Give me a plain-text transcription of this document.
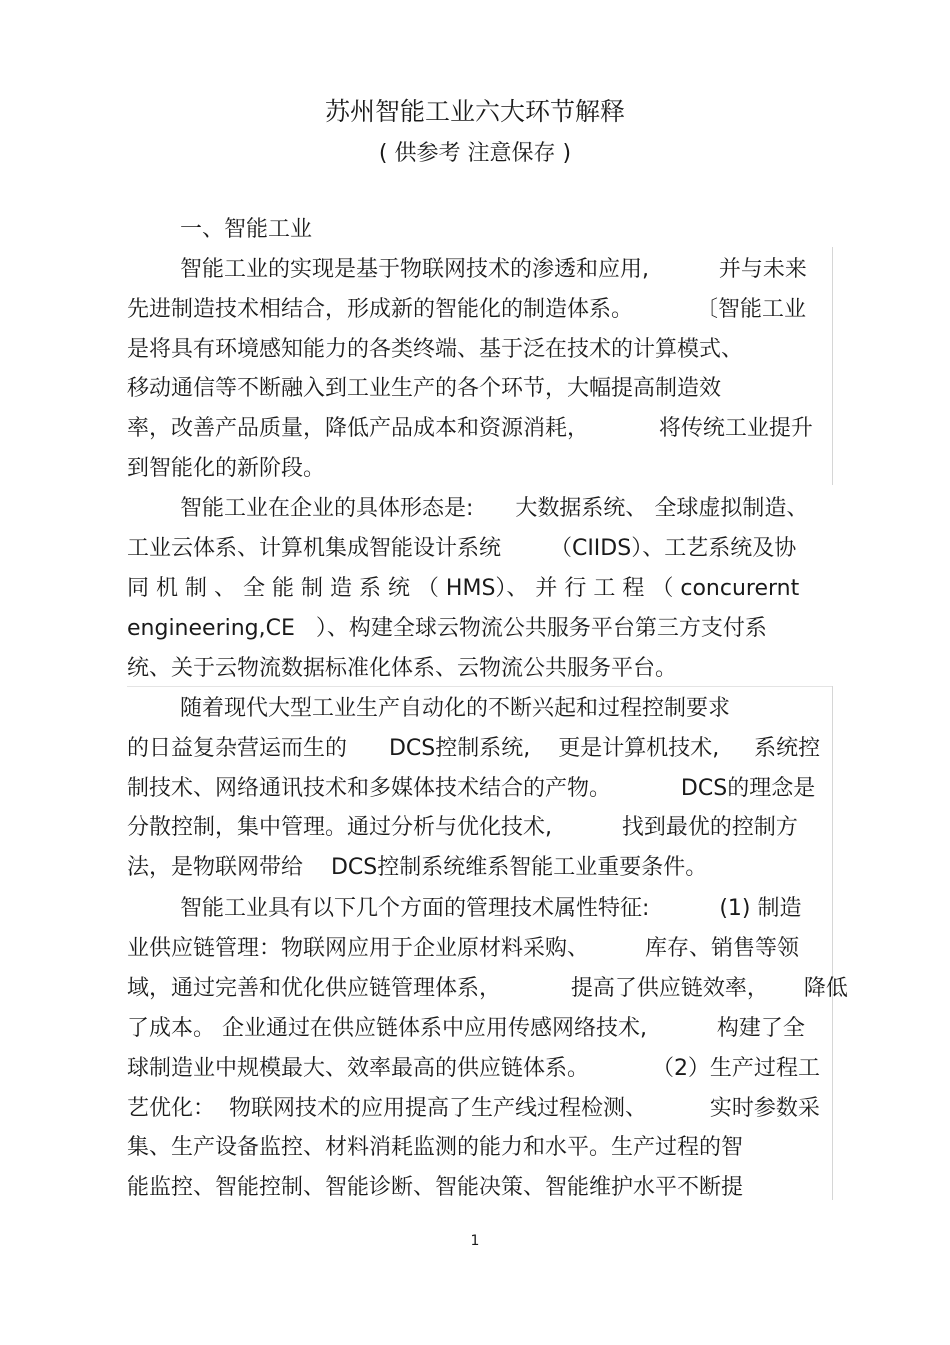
苏州智能工业六大环节解释
( 供参考 注意保存 )
一、智能工业
智能工业的实现是基于物联网技术的渗透和应用,          并与未来
先进制造技术相结合，形成新的智能化的制造体系。         〔智能工业
是将具有环境感知能力的各类终端、基于泛在技术的计算模式、
移动通信等不断融入到工业生产的各个环节，大幅提高制造效
率，改善产品质量，降低产品成本和资源消耗，          将传统工业提升
到智能化的新阶段。
智能工业在企业的具体形态是:      大数据系统、 全球虚拟制造、
工业云体系、计算机集成智能设计系统       （CIIDS）、工艺系统及协
同 机 制 、 全 能 制 造 系 统 （ HMS）、 并 行 工 程 （ concurernt
engineering,CE   ）、构建全球云物流公共服务平台第三方支付系
统、关于云物流数据标准化体系、云物流公共服务平台。
随着现代大型工业生产自动化的不断兴起和过程控制要求
的日益复杂营运而生的      DCS控制系统,    更是计算机技术,     系统控
制技术、网络通讯技术和多媒体技术结合的产物。          DCS的理念是
分散控制，集中管理。通过分析与优化技术,          找到最优的控制方
法，是物联网带给    DCS控制系统维系智能工业重要条件。
智能工业具有以下几个方面的管理技术属性特征:          (1) 制造
业供应链管理：物联网应用于企业原材料采购、        库存、销售等领
域，通过完善和优化供应链管理体系，          提高了供应链效率，     降低
了成本。 企业通过在供应链体系中应用传感网络技术,          构建了全
球制造业中规模最大、效率最高的供应链体系。         （2）生产过程工
艺优化：  物联网技术的应用提高了生产线过程检测、         实时参数采
集、生产设备监控、材料消耗监测的能力和水平。生产过程的智
能监控、智能控制、智能诊断、智能决策、智能维护水平不断提
1
